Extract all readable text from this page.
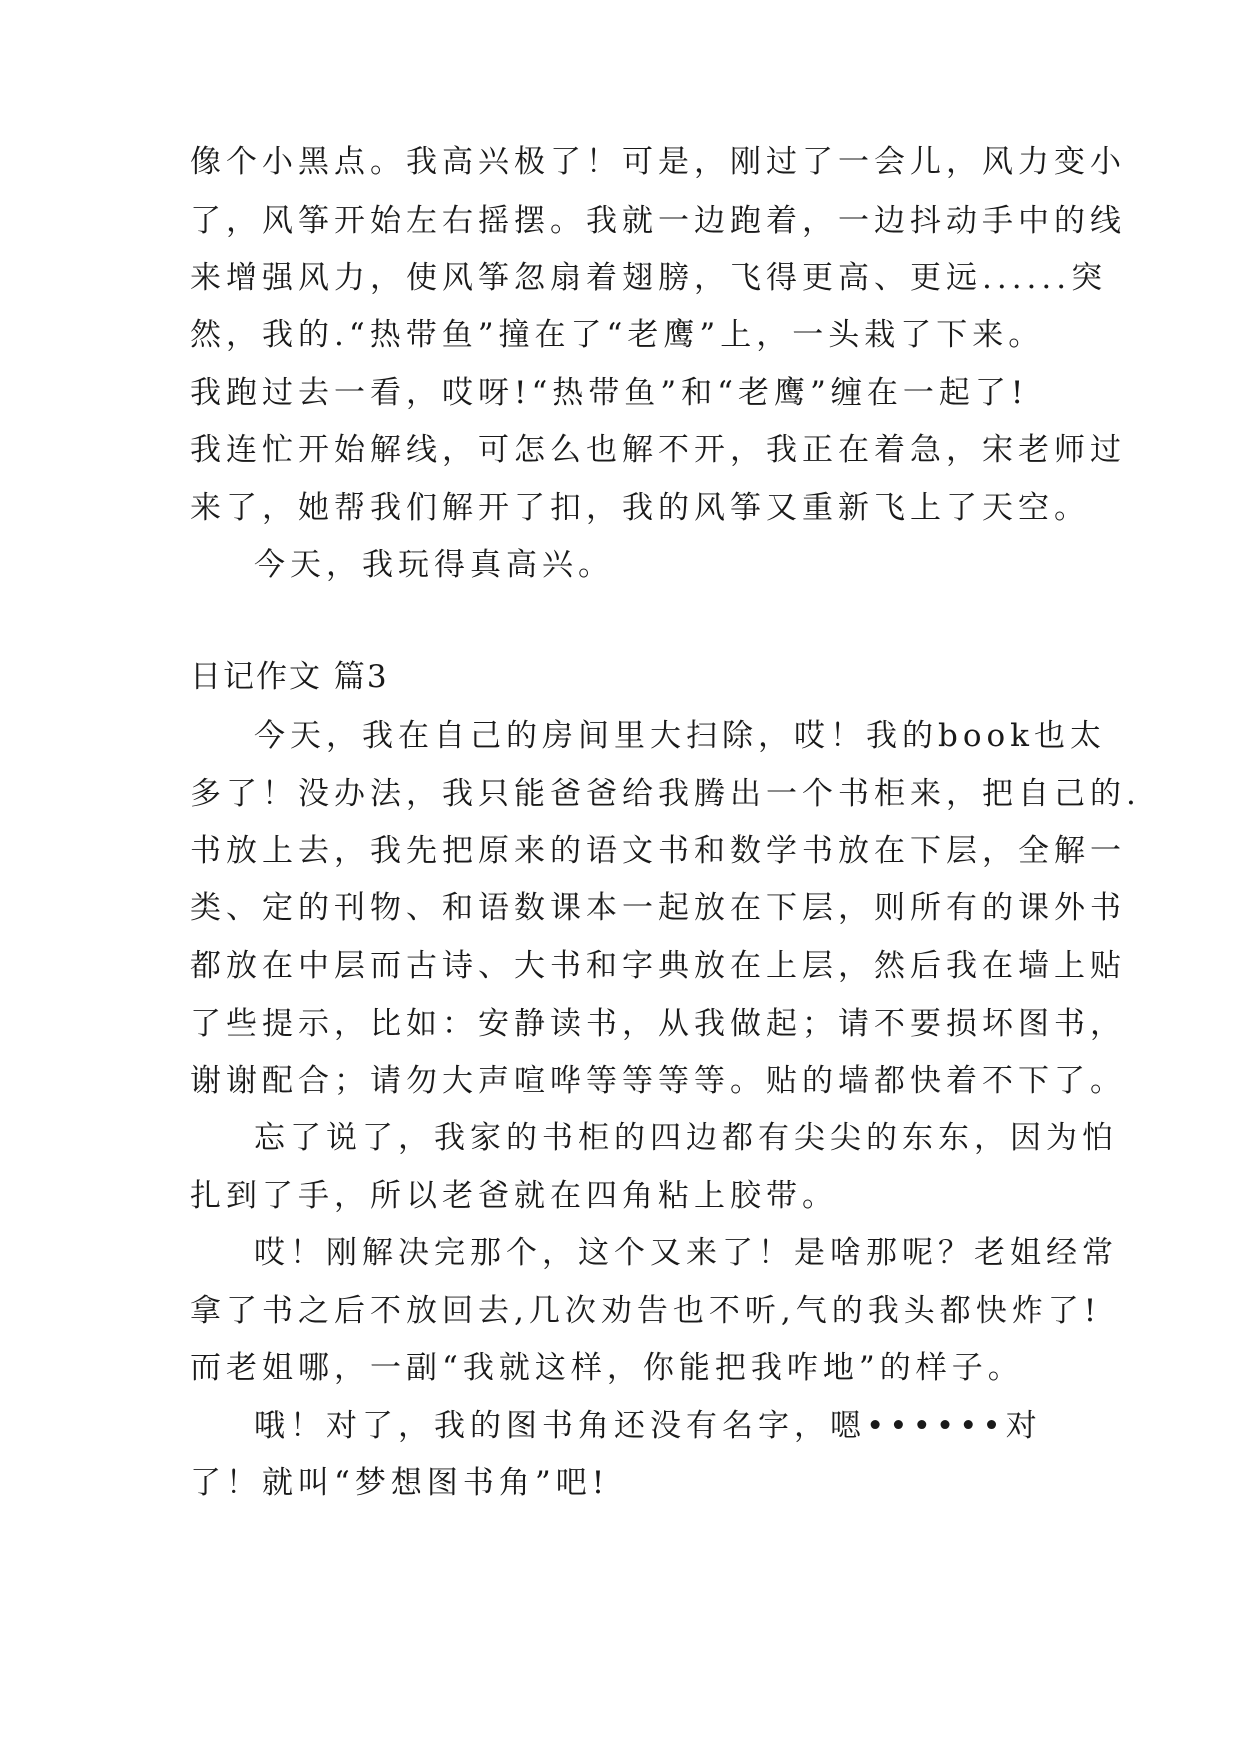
像个小黑点。我高兴极了！可是，刚过了一会儿，风力变小
了，风筝开始左右摇摆。我就一边跑着，一边抖动手中的线
来增强风力，使风筝忽扇着翅膀，飞得更高、更远......突
然，我的.“热带鱼”撞在了“老鹰”上，一头栽了下来。
我跑过去一看，哎呀!“热带鱼”和“老鹰”缠在一起了!
我连忙开始解线，可怎么也解不开，我正在着急，宋老师过
来了，她帮我们解开了扣，我的风筝又重新飞上了天空。
今天，我玩得真高兴。
日记作文 篇3
今天，我在自己的房间里大扫除，哎！我的book也太
多了！没办法，我只能爸爸给我腾出一个书柜来，把自己的.
书放上去，我先把原来的语文书和数学书放在下层，全解一
类、定的刊物、和语数课本一起放在下层，则所有的课外书
都放在中层而古诗、大书和字典放在上层，然后我在墙上贴
了些提示，比如：安静读书，从我做起；请不要损坏图书，
谢谢配合；请勿大声喧哗等等等等。贴的墙都快着不下了。
忘了说了，我家的书柜的四边都有尖尖的东东，因为怕
扎到了手，所以老爸就在四角粘上胶带。
哎！刚解决完那个，这个又来了！是啥那呢？老姐经常
拿了书之后不放回去,几次劝告也不听,气的我头都快炸了!
而老姐哪，一副“我就这样，你能把我咋地”的样子。
哦！对了，我的图书角还没有名字，嗯••••••对
了！就叫“梦想图书角”吧!
